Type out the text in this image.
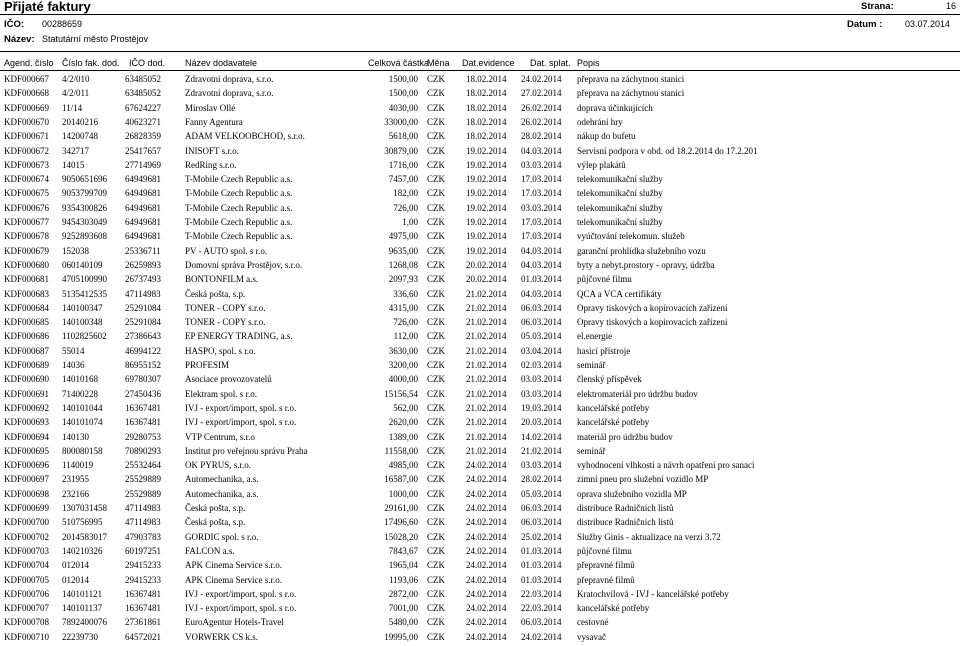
Přijaté faktury	Strana:	16
IČO: 00288659
Název: Statutární město Prostějov
Datum :	03.07.2014
Agend. číslo Číslo fak. dod. IČO dod. Název dodavatele	Celková částka
Měna Dat.evidence Dat. splat. Popis
KDF000667 4/2/010	63485052	Zdravotní doprava, s.r.o.	1500,00 CZK 18.02.2014 24.02.2014 přeprava na záchytnou stanici
KDF000668 4/2/011	63485052	Zdravotní doprava, s.r.o.	1500,00 CZK 18.02.2014 27.02.2014 přeprava na záchytnou stanici
KDF000669 11/14	67624227	Miroslav Ollé	4030,00 CZK 18.02.2014 26.02.2014 doprava účinkujících
KDF000670 20140216	40623271	Fanny Agentura	33000,00 CZK 18.02.2014 26.02.2014 odehrání hry
KDF000671 14200748	26828359	ADAM VELKOOBCHOD, s.r.o.	5618,00 CZK 18.02.2014 28.02.2014 nákup do bufetu
KDF000672 342717	25417657	INISOFT s.r.o.	30879,00 CZK 19.02.2014 04.03.2014 Servisní podpora v obd. od 18.2.2014 do 17.2.201
KDF000673 14015	27714969	RedRing s.r.o.	1716,00 CZK 19.02.2014 03.03.2014 výlep plakátů
KDF000674 9050651696 64949681	T-Mobile Czech Republic a.s.	7457,00 CZK 19.02.2014 17.03.2014 telekomunikační služby
KDF000675 9053799709 64949681	T-Mobile Czech Republic a.s.	182,00 CZK 19.02.2014 17.03.2014 telekomunikační služby
KDF000676 9354300826 64949681	T-Mobile Czech Republic a.s.	726,00 CZK 19.02.2014 03.03.2014 telekomunikační služby
KDF000677 9454303049 64949681	T-Mobile Czech Republic a.s.	1,00 CZK 19.02.2014 17.03.2014 telekomunikační služby
KDF000678 9252893608 64949681	T-Mobile Czech Republic a.s.	4975,00 CZK 19.02.2014 17.03.2014 vyúčtování telekomun. služeb
KDF000679 152038	25336711	PV - AUTO spol. s r.o.	9635,00 CZK 19.02.2014 04.03.2014 garanční prohlídka služebního vozu
KDF000680 060140109	26259893	Domovní správa Prostějov, s.r.o.	1268,08 CZK 20.02.2014 04.03.2014 byty a nebyt.prostory - opravy, údržba
KDF000681 4705100990 26737493	BONTONFILM a.s.	2097,93 CZK 20.02.2014 01.03.2014 půjčovné filmu
KDF000683 5135412535 47114983	Česká pošta, s.p.	336,60 CZK 21.02.2014 04.03.2014 QCA a VCA certifikáty
KDF000684 140100347	25291084	TONER - COPY s.r.o.	4315,00 CZK 21.02.2014 06.03.2014 Opravy tiskových a kopírovacích zařízení
KDF000685 140100348	25291084	TONER - COPY s.r.o.	726,00 CZK 21.02.2014 06.03.2014 Opravy tiskových a kopírovacích zařízení
KDF000686 1102825602 27386643	EP ENERGY TRADING, a.s.	112,00 CZK 21.02.2014 05.03.2014 el.energie
KDF000687 55014	46994122	HASPO, spol. s r.o.	3630,00 CZK 21.02.2014 03.04.2014 hasicí přístroje
KDF000689 14036	86955152	PROFESIM	3200,00 CZK 21.02.2014 02.03.2014 seminář
KDF000690 14010168	69780307	Asociace provozovatelů	4000,00 CZK 21.02.2014 03.03.2014 členský příspěvek
KDF000691 71400228	27450436	Elektram spol. s r.o.	15156,54 CZK 21.02.2014 03.03.2014 elektromateriál pro údržbu budov
KDF000692 140101044	16367481	IVJ - export/import, spol. s r.o.	562,00 CZK 21.02.2014 19.03.2014 kancelářské potřeby
KDF000693 140101074	16367481	IVJ - export/import, spol. s r.o.	2620,00 CZK 21.02.2014 20.03.2014 kancelářské potřeby
KDF000694 140130	29280753	VTP Centrum, s.r.o	1389,00 CZK 21.02.2014 14.02.2014 materiál pro údržbu budov
KDF000695 800080158	70890293	Institut pro veřejnou správu Praha	11558,00 CZK 21.02.2014 21.02.2014 seminář
KDF000696 1140019	25532464	OK PYRUS, s.r.o.	4985,00 CZK 24.02.2014 03.03.2014 vyhodnocení vlhkosti a návrh opatření pro sanaci
KDF000697 231955	25529889	Automechanika, a.s.	16587,00 CZK 24.02.2014 28.02.2014 zimní pneu pro služební vozidlo MP
KDF000698 232166	25529889	Automechanika, a.s.	1000,00 CZK 24.02.2014 05.03.2014 oprava služebního vozidla MP
KDF000699 1307031458 47114983	Česká pošta, s.p.	29161,00 CZK 24.02.2014 06.03.2014 distribuce Radničních listů
KDF000700 510756995	47114983	Česká pošta, s.p.	17496,60 CZK 24.02.2014 06.03.2014 distribuce Radničních listů
KDF000702 2014583017 47903783	GORDIC spol. s r.o.	15028,20 CZK 24.02.2014 25.02.2014 Služby Ginis - aktualizace na verzi 3.72
KDF000703 140210326	60197251	FALCON a.s.	7843,67 CZK 24.02.2014 01.03.2014 půjčovné filmu
KDF000704 012014	29415233	APK Cinema Service s.r.o.	1965,04 CZK 24.02.2014 01.03.2014 přepravné filmů
KDF000705 012014	29415233	APK Cinema Service s.r.o.	1193,06 CZK 24.02.2014 01.03.2014 přepravné filmů
KDF000706 140101121	16367481	IVJ - export/import, spol. s r.o.	2872,00 CZK 24.02.2014 22.03.2014 Kratochvílová - IVJ - kancelářské potřeby
KDF000707 140101137	16367481	IVJ - export/import, spol. s r.o.	7001,00 CZK 24.02.2014 22.03.2014 kancelářské potřeby
KDF000708 7892400076 27361861	EuroAgentur Hotels-Travel	5480,00 CZK 24.02.2014 06.03.2014 cestovné
KDF000710 22239730	64572021	VORWERK CS k.s.	19995,00 CZK 24.02.2014 24.02.2014 vysavač
